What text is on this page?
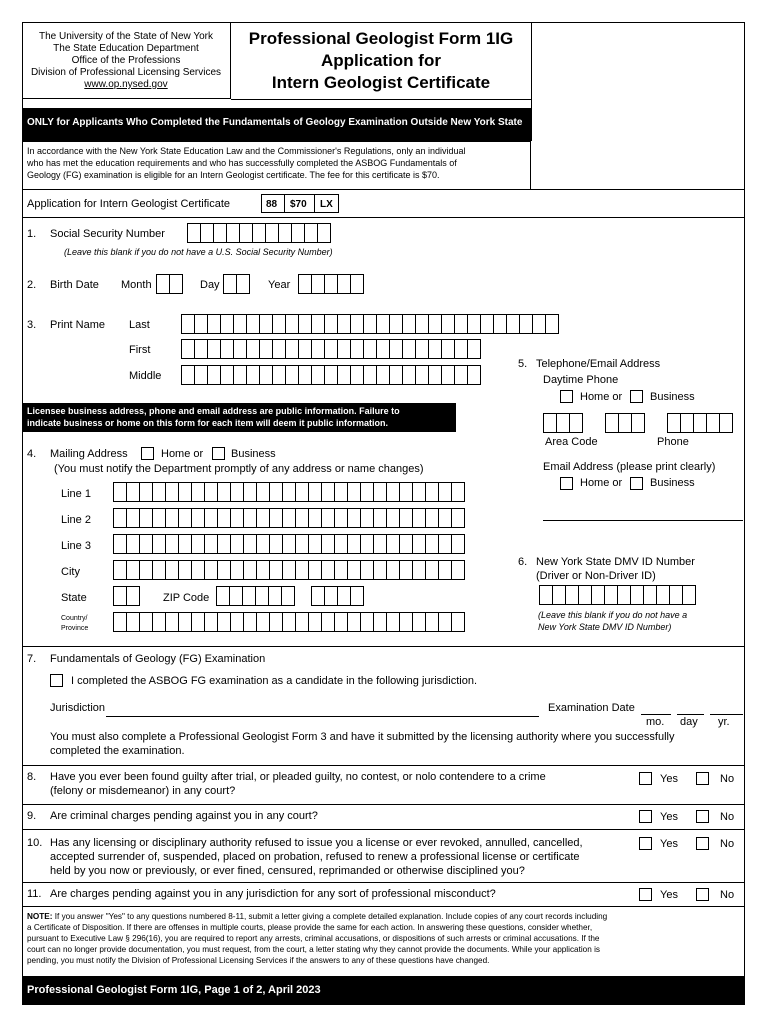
The University of the State of New York
The State Education Department
Office of the Professions
Division of Professional Licensing Services
www.op.nysed.gov
Professional Geologist Form 1IG
Application for
Intern Geologist Certificate
ONLY for Applicants Who Completed the Fundamentals of Geology Examination Outside New York State
In accordance with the New York State Education Law and the Commissioner's Regulations, only an individual
who has met the education requirements and who has successfully completed the ASBOG Fundamentals of
Geology (FG) examination is eligible for an Intern Geologist certificate. The fee for this certificate is $70.
Application for Intern Geologist Certificate	88 $70 LX
1. Social Security Number
(Leave this blank if you do not have a U.S. Social Security Number)
2. Birth Date Month	Day	Year
3. Print Name Last
First
Middle
Licensee business address, phone and email address are public information. Failure to
indicate business or home on this form for each item will deem it public information.
4. Mailing Address	Home or	Business
(You must notify the Department promptly of any address or name changes)
Line 1
Line 2
Line 3
City
State	ZIP Code
Country/
Province
5. Telephone/Email Address
Daytime Phone
Home or	Business
Area Code	Phone
Email Address (please print clearly)
Home or	Business
6. New York State DMV ID Number
(Driver or Non-Driver ID)
(Leave this blank if you do not have a
New York State DMV ID Number)
7. Fundamentals of Geology (FG) Examination
I completed the ASBOG FG examination as a candidate in the following jurisdiction.
Jurisdiction	Examination Date
mo. day yr.
You must also complete a Professional Geologist Form 3 and have it submitted by the licensing authority where you successfully
completed the examination.
8. Have you ever been found guilty after trial, or pleaded guilty, no contest, or nolo contendere to a crime
(felony or misdemeanor) in any court?
Yes	No
9. Are criminal charges pending against you in any court?	Yes	No
10. Has any licensing or disciplinary authority refused to issue you a license or ever revoked, annulled, cancelled,
accepted surrender of, suspended, placed on probation, refused to renew a professional license or certificate
held by you now or previously, or ever fined, censured, reprimanded or otherwise disciplined you?
Yes	No
11. Are charges pending against you in any jurisdiction for any sort of professional misconduct?	Yes	No
NOTE: If you answer "Yes" to any questions numbered 8-11, submit a letter giving a complete detailed explanation. Include copies of any court records including
a Certificate of Disposition. If there are offenses in multiple courts, please provide the same for each action. In answering these questions, consider whether,
pursuant to Executive Law § 296(16), you are required to report any arrests, criminal accusations, or dispositions of such arrests or criminal accusations. If the
court can no longer provide documentation, you must request, from the court, a letter stating why they cannot provide the documents. While your application is
pending, you must notify the Division of Professional Licensing Services if the answers to any of these questions have changed.
Professional Geologist Form 1IG, Page 1 of 2, April 2023
